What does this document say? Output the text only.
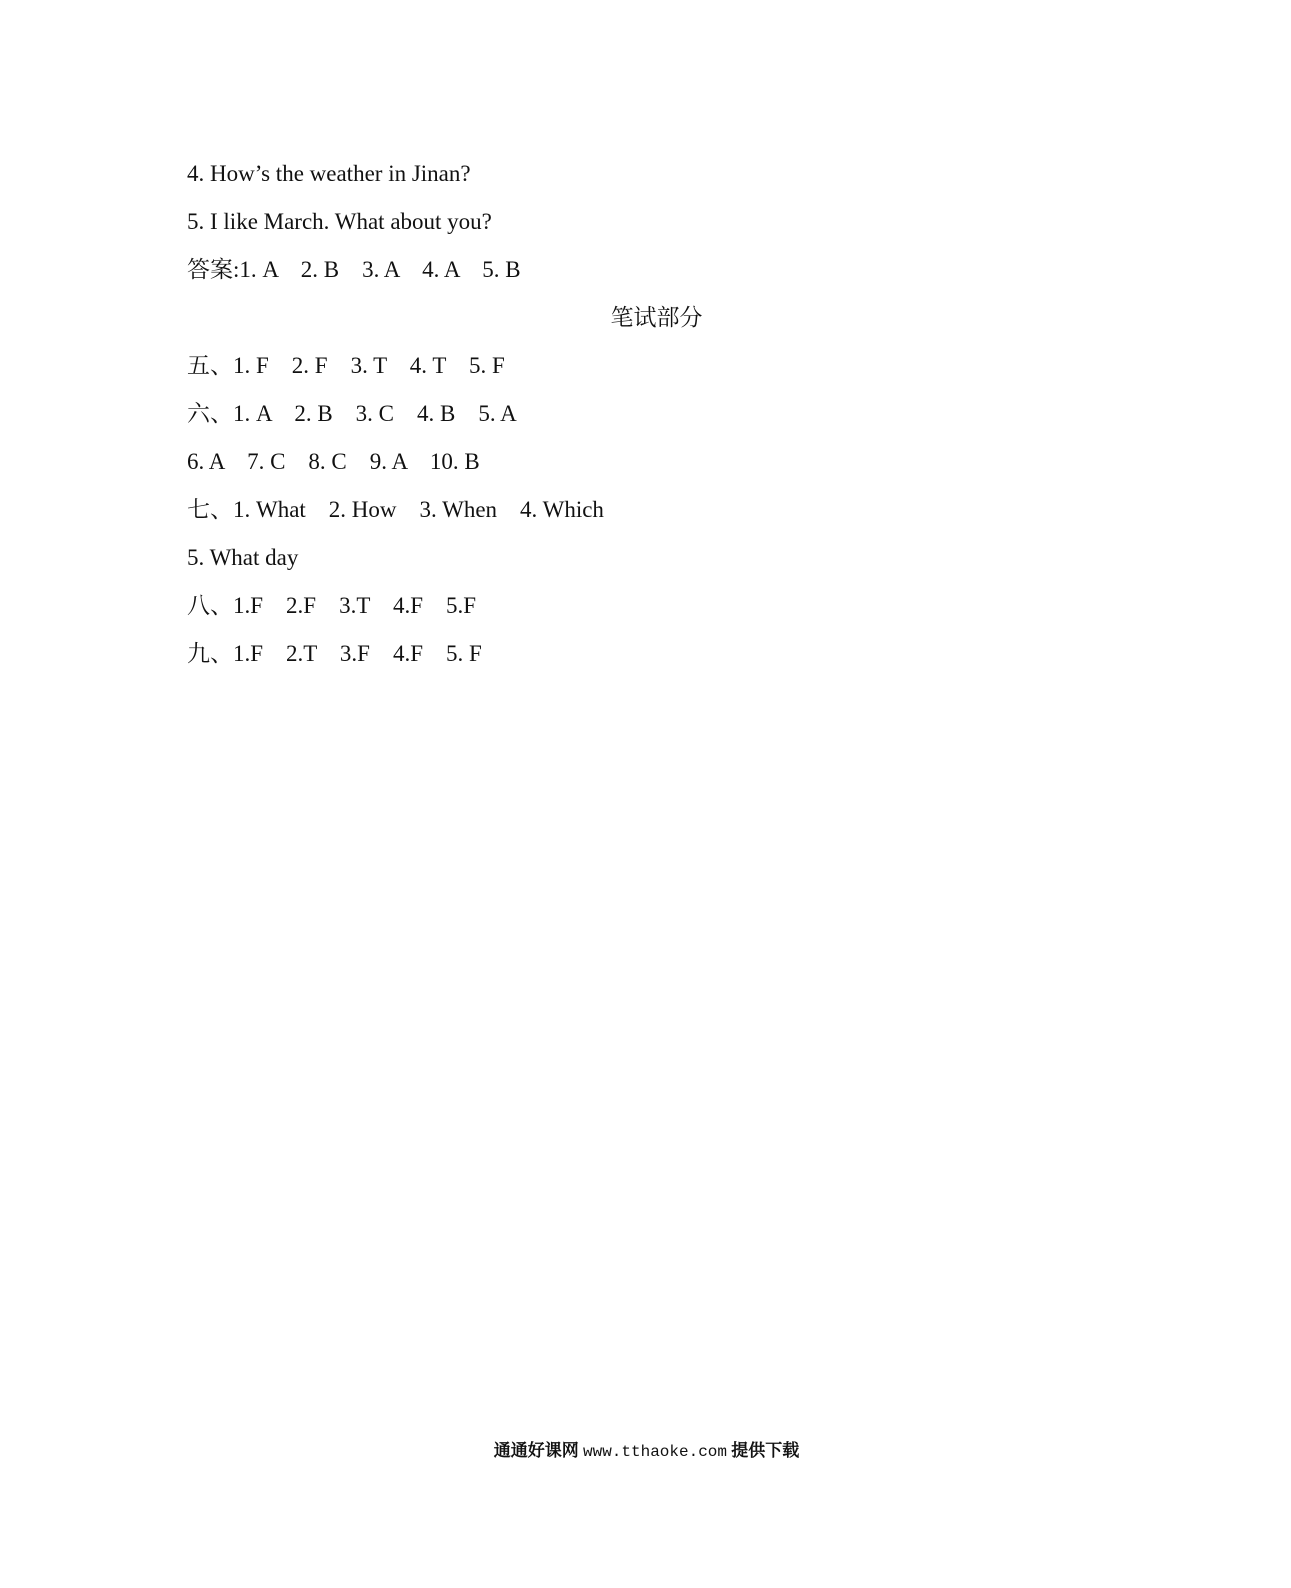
4. How’s the weather in Jinan?
5. I like March. What about you?
答案:1. A    2. B    3. A    4. A    5. B
笔试部分
五、1. F    2. F    3. T    4. T    5. F
六、1. A    2. B    3. C    4. B    5. A
6. A    7. C    8. C    9. A    10. B
七、1. What    2. How    3. When    4. Which
5. What day
八、1.F    2.F    3.T    4.F    5.F
九、1.F    2.T    3.F    4.F    5. F
通通好课网 www.tthaoke.com 提供下载
